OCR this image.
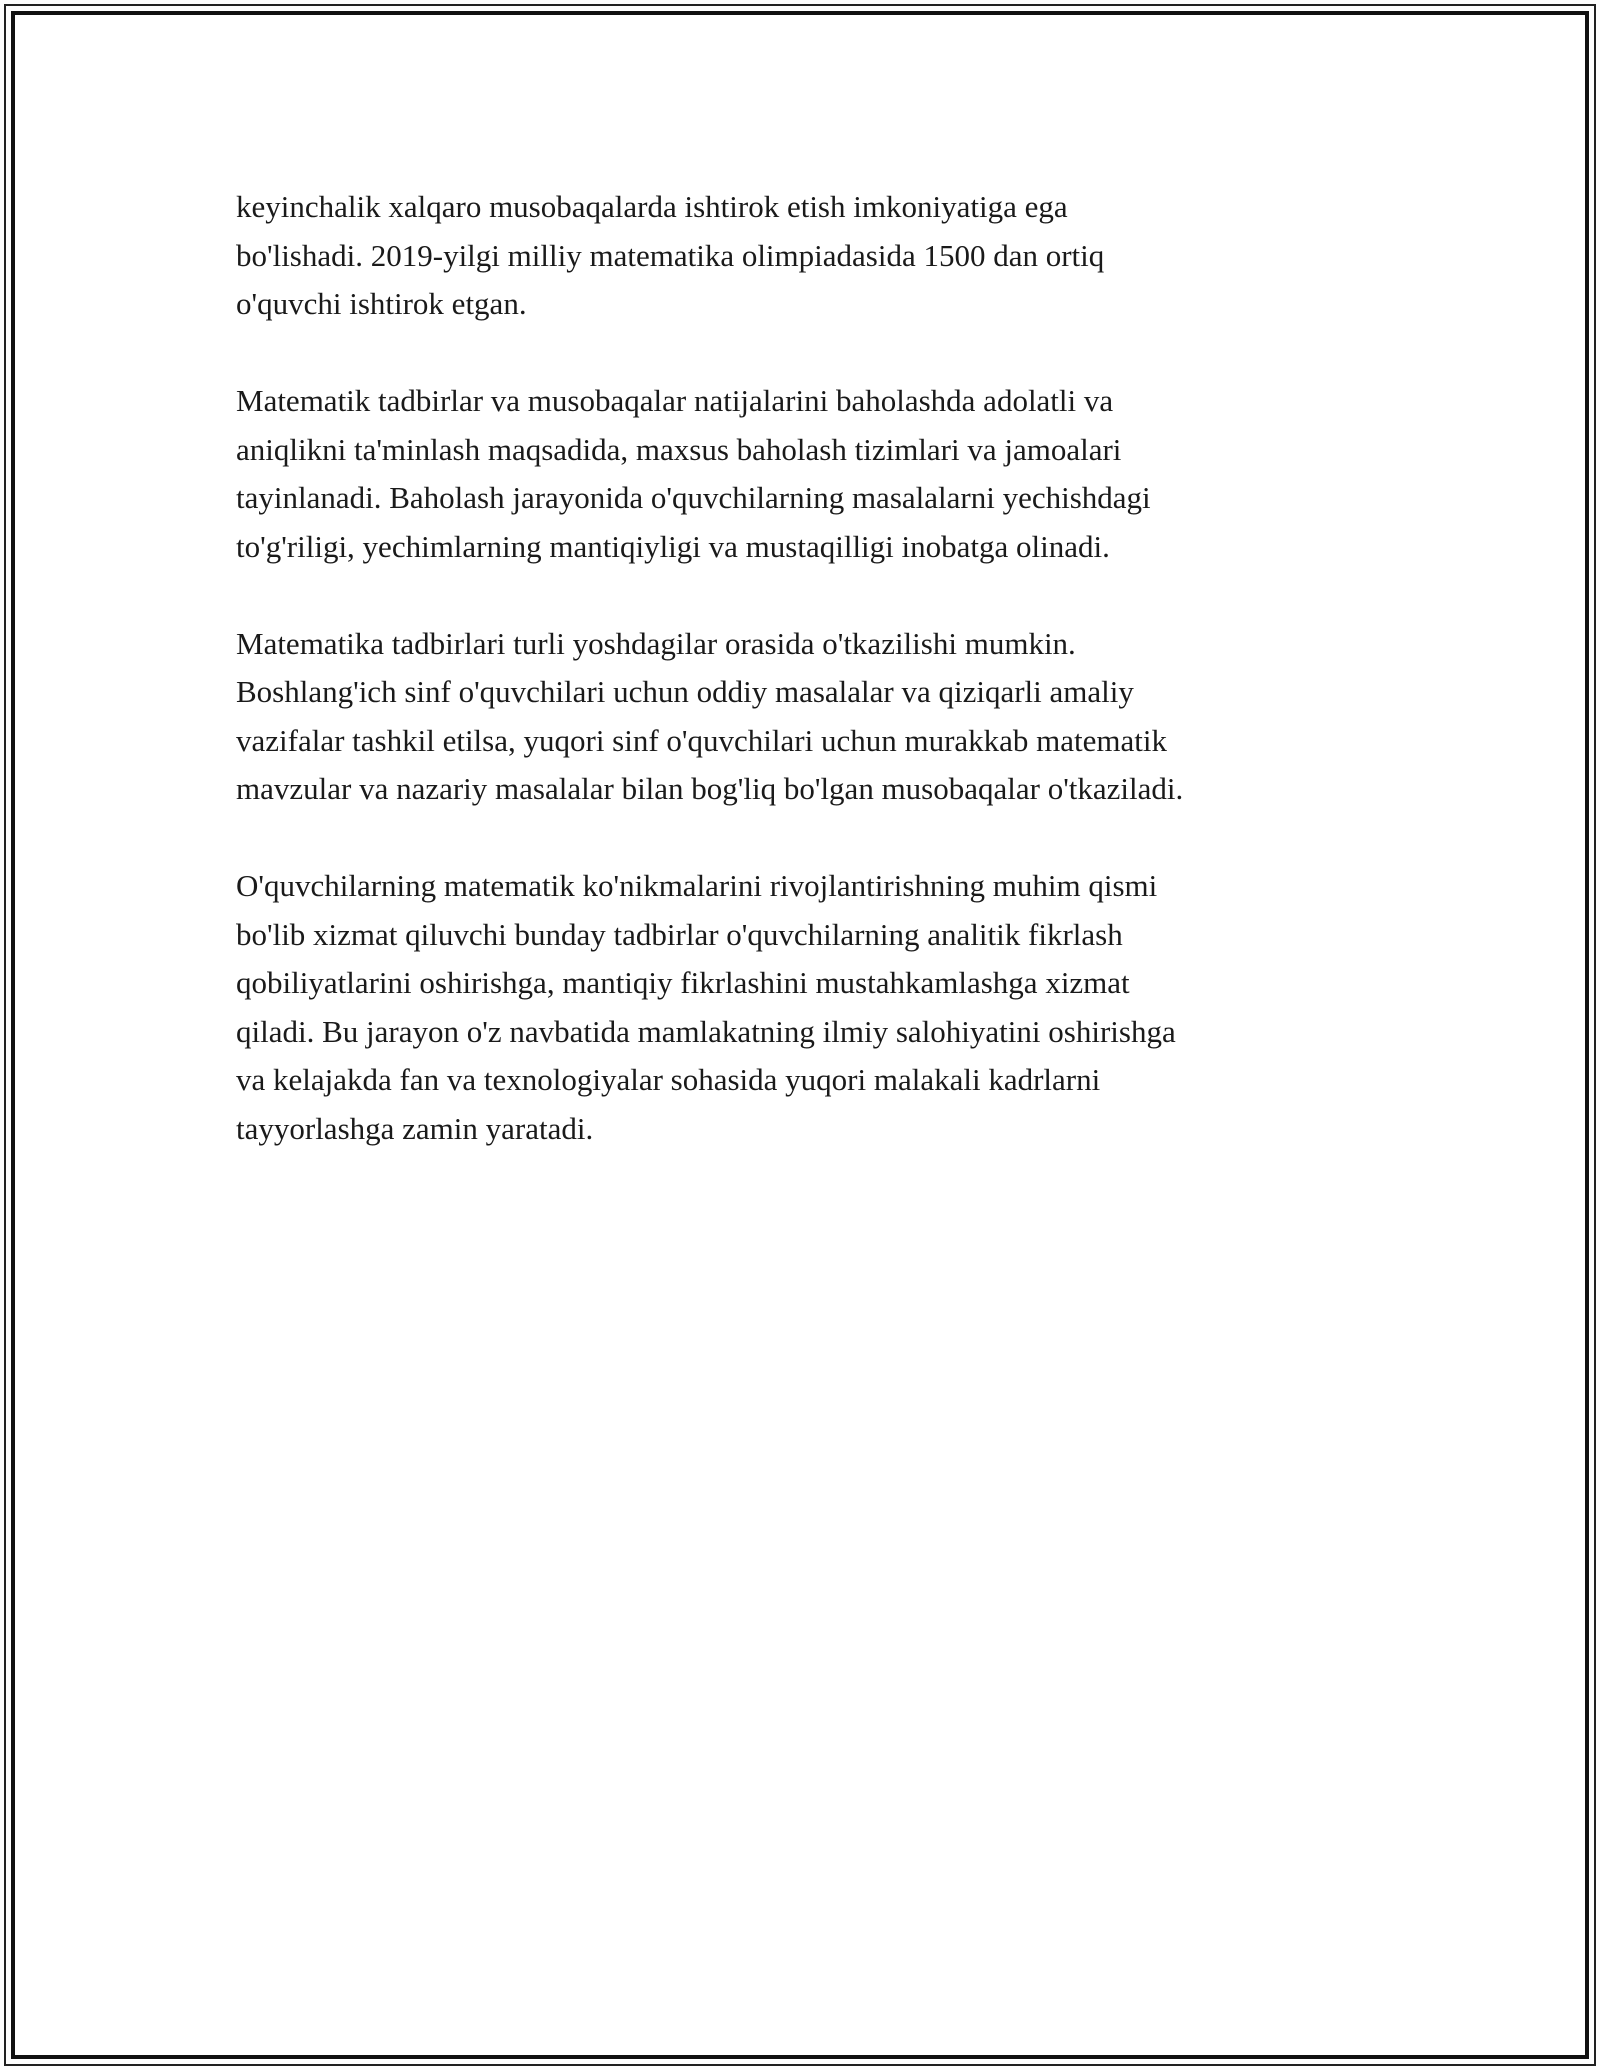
keyinchalik xalqaro musobaqalarda ishtirok etish imkoniyatiga ega
bo'lishadi. 2019-yilgi milliy matematika olimpiadasida 1500 dan ortiq
o'quvchi ishtirok etgan.

Matematik tadbirlar va musobaqalar natijalarini baholashda adolatli va
aniqlikni ta'minlash maqsadida, maxsus baholash tizimlari va jamoalari
tayinlanadi. Baholash jarayonida o'quvchilarning masalalarni yechishdagi
to'g'riligi, yechimlarning mantiqiyligi va mustaqilligi inobatga olinadi.

Matematika tadbirlari turli yoshdagilar orasida o'tkazilishi mumkin.
Boshlang'ich sinf o'quvchilari uchun oddiy masalalar va qiziqarli amaliy
vazifalar tashkil etilsa, yuqori sinf o'quvchilari uchun murakkab matematik
mavzular va nazariy masalalar bilan bog'liq bo'lgan musobaqalar o'tkaziladi.

O'quvchilarning matematik ko'nikmalarini rivojlantirishning muhim qismi
bo'lib xizmat qiluvchi bunday tadbirlar o'quvchilarning analitik fikrlash
qobiliyatlarini oshirishga, mantiqiy fikrlashini mustahkamlashga xizmat
qiladi. Bu jarayon o'z navbatida mamlakatning ilmiy salohiyatini oshirishga
va kelajakda fan va texnologiyalar sohasida yuqori malakali kadrlarni
tayyorlashga zamin yaratadi.
